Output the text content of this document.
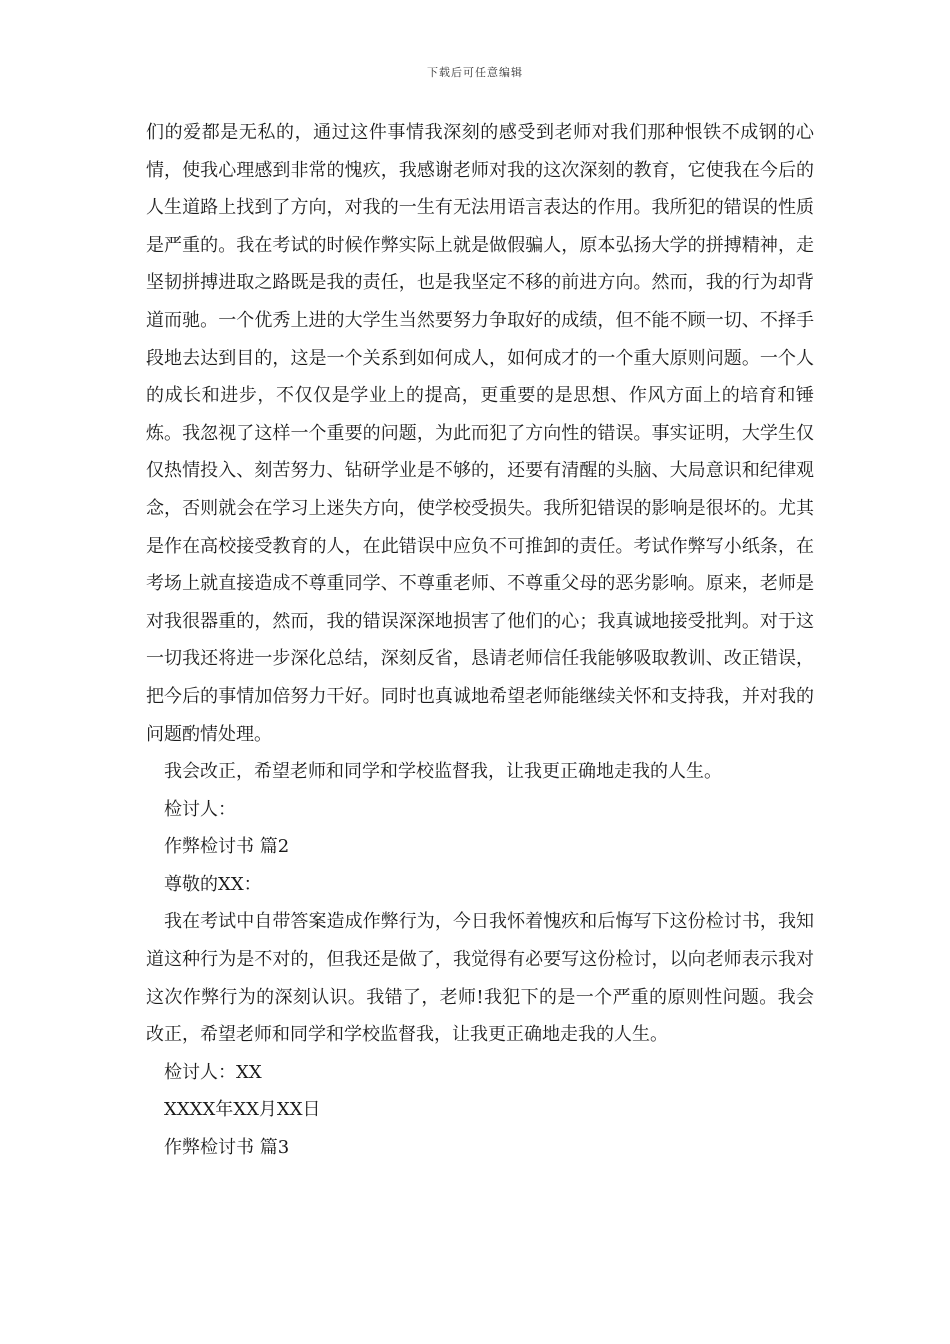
下载后可任意编辑

们的爱都是无私的，通过这件事情我深刻的感受到老师对我们那种恨铁不成钢的心情，使我心理感到非常的愧疚，我感谢老师对我的这次深刻的教育，它使我在今后的人生道路上找到了方向，对我的一生有无法用语言表达的作用。我所犯的错误的性质是严重的。我在考试的时候作弊实际上就是做假骗人，原本弘扬大学的拼搏精神，走坚韧拼搏进取之路既是我的责任，也是我坚定不移的前进方向。然而，我的行为却背道而驰。一个优秀上进的大学生当然要努力争取好的成绩，但不能不顾一切、不择手段地去达到目的，这是一个关系到如何成人，如何成才的一个重大原则问题。一个人的成长和进步，不仅仅是学业上的提高，更重要的是思想、作风方面上的培育和锤炼。我忽视了这样一个重要的问题，为此而犯了方向性的错误。事实证明，大学生仅仅热情投入、刻苦努力、钻研学业是不够的，还要有清醒的头脑、大局意识和纪律观念，否则就会在学习上迷失方向，使学校受损失。我所犯错误的影响是很坏的。尤其是作在高校接受教育的人，在此错误中应负不可推卸的责任。考试作弊写小纸条，在考场上就直接造成不尊重同学、不尊重老师、不尊重父母的恶劣影响。原来，老师是对我很器重的，然而，我的错误深深地损害了他们的心；我真诚地接受批判。对于这一切我还将进一步深化总结，深刻反省，恳请老师信任我能够吸取教训、改正错误，把今后的事情加倍努力干好。同时也真诚地希望老师能继续关怀和支持我，并对我的问题酌情处理。

我会改正，希望老师和同学和学校监督我，让我更正确地走我的人生。

检讨人：

作弊检讨书 篇2

尊敬的XX：

我在考试中自带答案造成作弊行为，今日我怀着愧疚和后悔写下这份检讨书，我知道这种行为是不对的，但我还是做了，我觉得有必要写这份检讨，以向老师表示我对这次作弊行为的深刻认识。我错了，老师!我犯下的是一个严重的原则性问题。我会改正，希望老师和同学和学校监督我，让我更正确地走我的人生。

检讨人：XX

XXXX年XX月XX日

作弊检讨书 篇3
